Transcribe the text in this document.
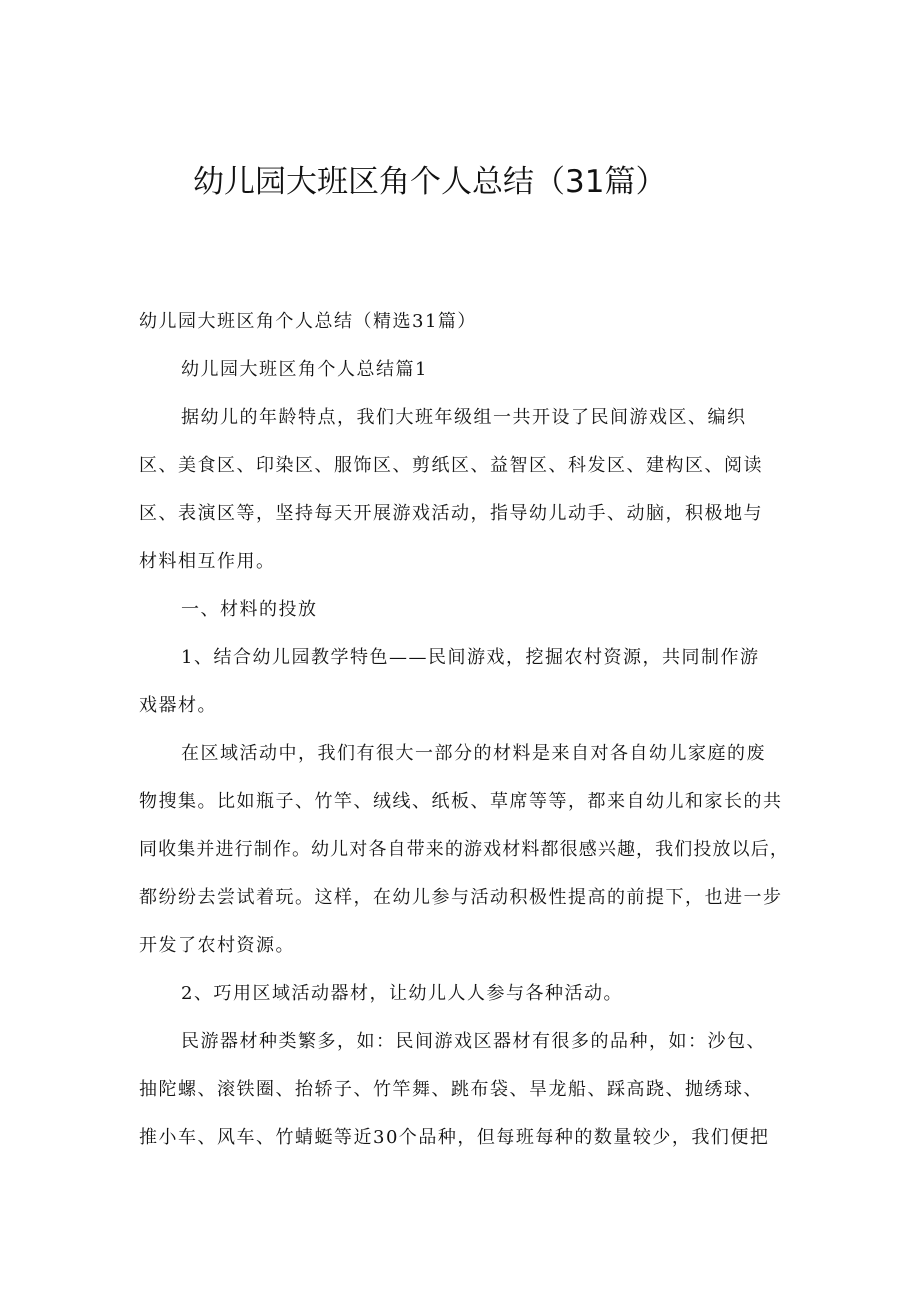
幼儿园大班区角个人总结（31篇）
幼儿园大班区角个人总结（精选31篇）
幼儿园大班区角个人总结篇1
据幼儿的年龄特点，我们大班年级组一共开设了民间游戏区、编织
区、美食区、印染区、服饰区、剪纸区、益智区、科发区、建构区、阅读
区、表演区等，坚持每天开展游戏活动，指导幼儿动手、动脑，积极地与
材料相互作用。
一、材料的投放
1、结合幼儿园教学特色——民间游戏，挖掘农村资源，共同制作游
戏器材。
在区域活动中，我们有很大一部分的材料是来自对各自幼儿家庭的废
物搜集。比如瓶子、竹竿、绒线、纸板、草席等等，都来自幼儿和家长的共
同收集并进行制作。幼儿对各自带来的游戏材料都很感兴趣，我们投放以后，
都纷纷去尝试着玩。这样，在幼儿参与活动积极性提高的前提下，也进一步
开发了农村资源。
2、巧用区域活动器材，让幼儿人人参与各种活动。
民游器材种类繁多，如：民间游戏区器材有很多的品种，如：沙包、
抽陀螺、滚铁圈、抬轿子、竹竿舞、跳布袋、旱龙船、踩高跷、抛绣球、
推小车、风车、竹蜻蜓等近30个品种，但每班每种的数量较少，我们便把
